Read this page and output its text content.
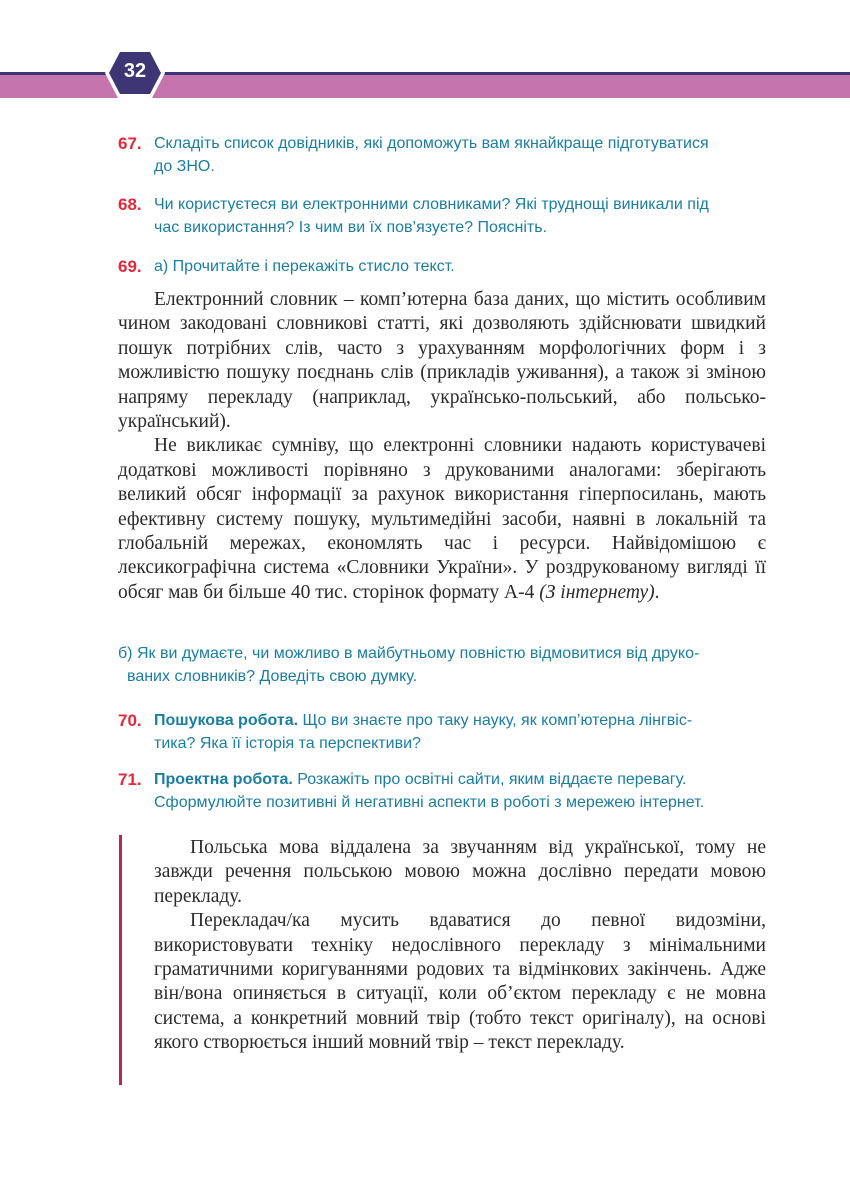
32
67. Складіть список довідників, які допоможуть вам якнайкраще підготуватися
до ЗНО.
68. Чи користуєтеся ви електронними словниками? Які труднощі виникали під
час використання? Із чим ви їх пов’язуєте? Поясніть.
69. а) Прочитайте і перекажіть стисло текст.

Електронний словник – комп’ютерна база даних, що містить особливим чином закодовані словникові статті, які дозволяють здійснювати швидкий пошук потрібних слів, часто з урахуванням морфологічних форм і з можливістю пошуку поєднань слів (прикладів уживання), а також зі зміною напряму перекладу (наприклад, українсько-польський, або польсько-український).

Не викликає сумніву, що електронні словники надають користувачеві додаткові можливості порівняно з друкованими аналогами: зберігають великий обсяг інформації за рахунок використання гіперпосилань, мають ефективну систему пошуку, мультимедійні засоби, наявні в локальній та глобальній мережах, економлять час і ресурси. Найвідомішою є лексикографічна система «Словники України». У роздрукованому вигляді її обсяг мав би більше 40 тис. сторінок формату А-4 (З інтернету).

б) Як ви думаєте, чи можливо в майбутньому повністю відмовитися від друко-

ваних словників? Доведіть свою думку.
70. Пошукова робота. Що ви знаєте про таку науку, як комп’ютерна лінгвіс-
тика? Яка її історія та перспективи?
71. Проектна робота. Розкажіть про освітні сайти, яким віддаєте перевагу.
Сформулюйте позитивні й негативні аспекти в роботі з мережею інтернет.

Польська мова віддалена за звучанням від української, тому не завжди речення польською мовою можна дослівно передати мовою перекладу.

Перекладач/ка мусить вдаватися до певної видозміни, використовувати техніку недослівного перекладу з мінімальними граматичними коригуваннями родових та відмінкових закінчень. Адже він/вона опиняється в ситуації, коли об’єктом перекладу є не мовна система, а конкретний мовний твір (тобто текст оригіналу), на основі якого створюється інший мовний твір – текст перекладу.
